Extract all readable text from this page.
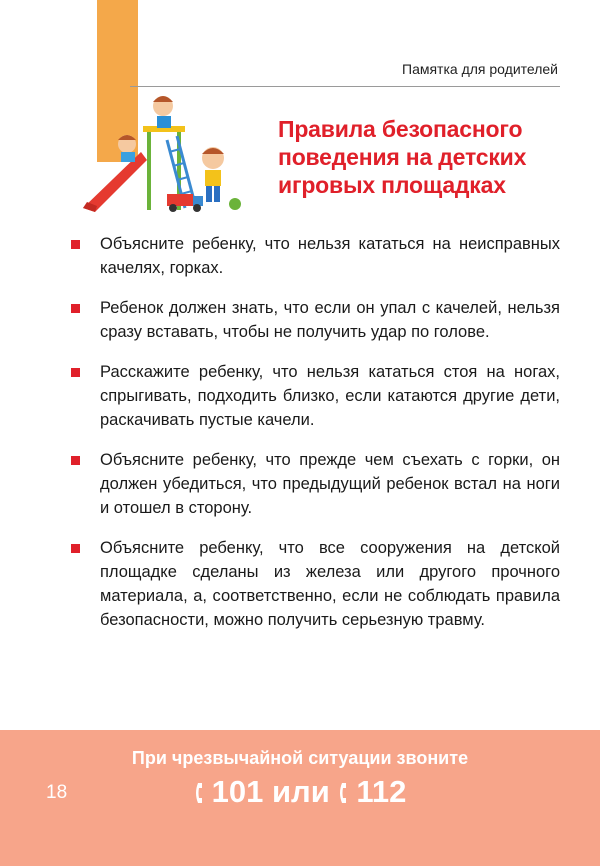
Памятка для родителей
Правила безопасного
поведения на детских
игровых площадках
Объясните ребенку, что нельзя кататься на неисправных качелях, горках.
Ребенок должен знать, что если он упал с качелей, нельзя сразу вставать, чтобы не получить удар по голове.
Расскажите ребенку, что нельзя кататься стоя на ногах, спрыгивать, подходить близко, если катаются другие дети, раскачивать пустые качели.
Объясните ребенку, что прежде чем съехать с горки, он должен убедиться, что предыдущий ребенок встал на ноги и отошел в сторону.
Объясните ребенку, что все сооружения на детской площадке сделаны из железа или другого прочного материала, а, соответственно, если не соблюдать правила безопасности, можно получить серьезную травму.
18
При чрезвычайной ситуации звоните
101 или 112
